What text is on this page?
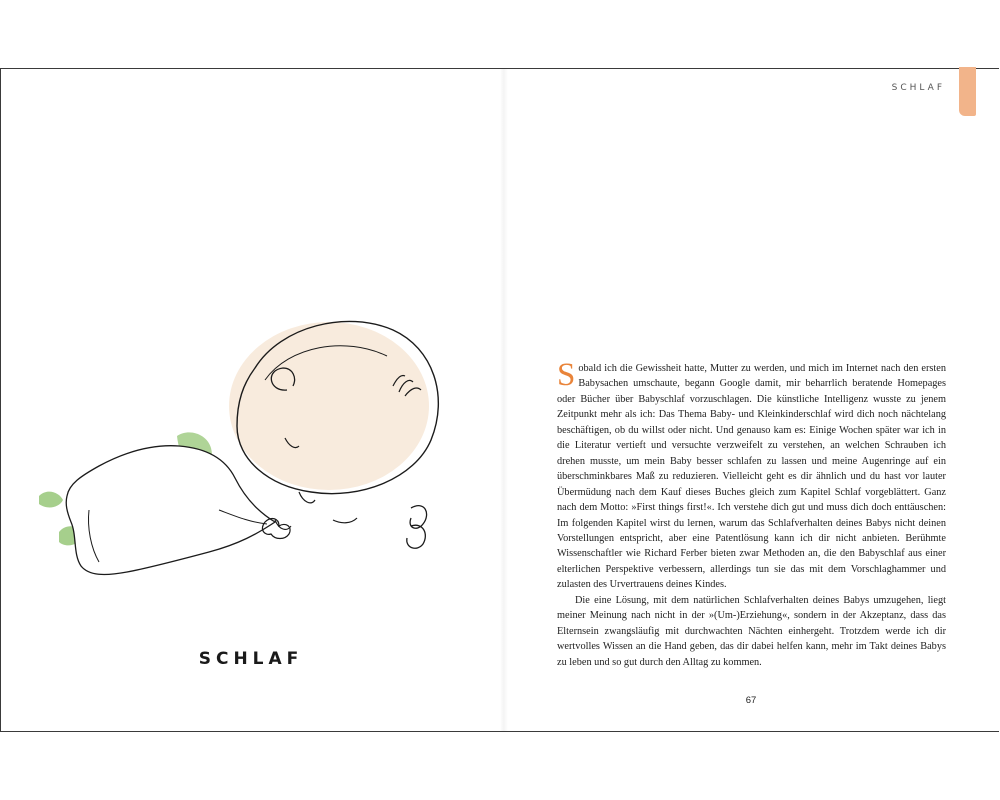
SCHLAF
SCHLAF

Sobald ich die Gewissheit hatte, Mutter zu werden, und mich im Internet nach den ersten Babysachen umschaute, begann Google damit, mir beharrlich beratende Homepages oder Bücher über Babyschlaf vorzuschlagen. Die künstliche Intelligenz wusste zu jenem Zeitpunkt mehr als ich: Das Thema Baby- und Kleinkinderschlaf wird dich noch nächtelang beschäftigen, ob du willst oder nicht. Und genauso kam es: Einige Wochen später war ich in die Literatur vertieft und versuchte verzweifelt zu verstehen, an welchen Schrauben ich drehen musste, um mein Baby besser schlafen zu lassen und meine Augenringe auf ein überschminkbares Maß zu reduzieren. Vielleicht geht es dir ähnlich und du hast vor lauter Übermüdung nach dem Kauf dieses Buches gleich zum Kapitel Schlaf vorgeblättert. Ganz nach dem Motto: »First things first!«. Ich verstehe dich gut und muss dich doch enttäuschen: Im folgenden Kapitel wirst du lernen, warum das Schlafverhalten deines Babys nicht deinen Vorstellungen entspricht, aber eine Patentlösung kann ich dir nicht anbieten. Berühmte Wissenschaftler wie Richard Ferber bieten zwar Methoden an, die den Babyschlaf aus einer elterlichen Perspektive verbessern, allerdings tun sie das mit dem Vorschlaghammer und zulasten des Urvertrauens deines Kindes.

Die eine Lösung, mit dem natürlichen Schlafverhalten deines Babys umzugehen, liegt meiner Meinung nach nicht in der »(Um-)Erziehung«, sondern in der Akzeptanz, dass das Elternsein zwangsläufig mit durchwachten Nächten einhergeht. Trotzdem werde ich dir wertvolles Wissen an die Hand geben, das dir dabei helfen kann, mehr im Takt deines Babys zu leben und so gut durch den Alltag zu kommen.

67
